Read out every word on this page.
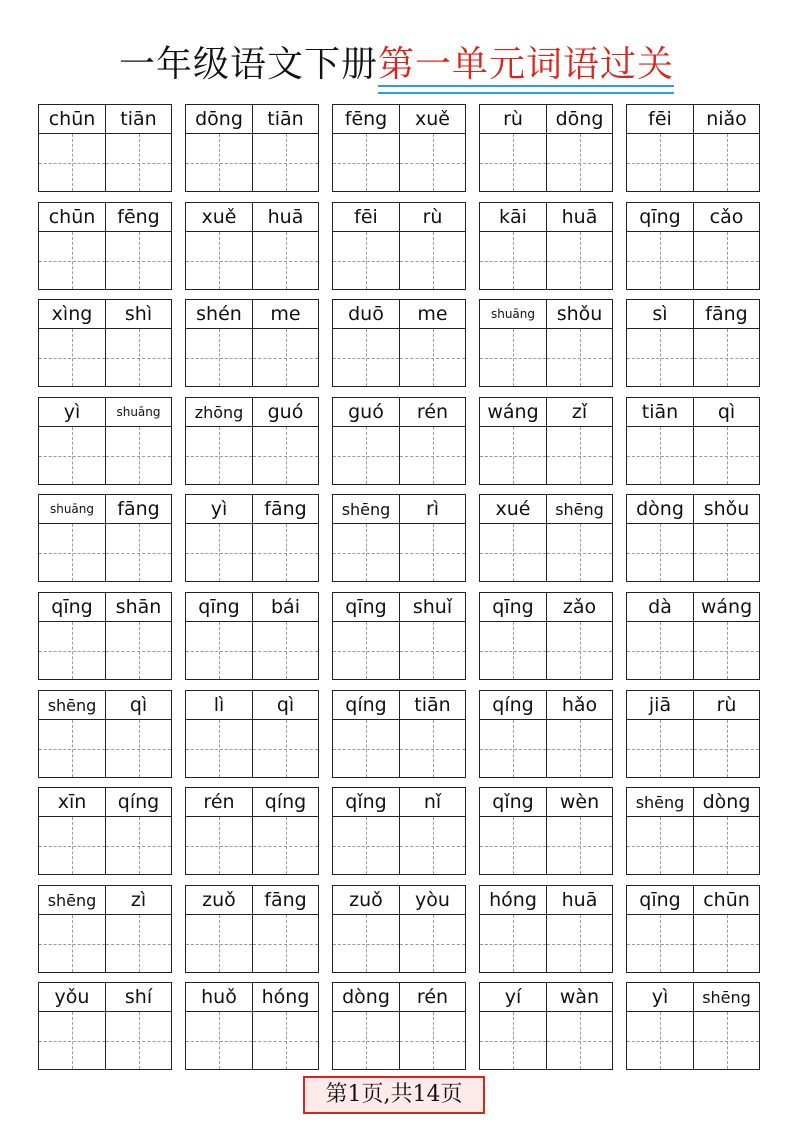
一年级语文下册第一单元词语过关
chūn	tiān	dōng	tiān	fēng	xuě	rù	dōng	fēi	niǎo
chūn	fēng	xuě	huā	fēi	rù	kāi	huā	qīng	cǎo
xìng	shì	shén	me	duō	me	shuāng	shǒu	sì	fāng
yì	shuāng	zhōng	guó	guó	rén	wáng	zǐ	tiān	qì
shuāng	fāng	yì	fāng	shēng	rì	xué	shēng	dòng	shǒu
qīng	shān	qīng	bái	qīng	shuǐ	qīng	zǎo	dà	wáng
shēng	qì	lì	qì	qíng	tiān	qíng	hǎo	jiā	rù
xīn	qíng	rén	qíng	qǐng	nǐ	qǐng	wèn	shēng dòng
shēng	zì	zuǒ	fāng	zuǒ	yòu	hóng	huā	qīng	chūn
yǒu	shí	huǒ	hóng	dòng	rén	yí	wàn	yì	shēng
第1页,共14页
